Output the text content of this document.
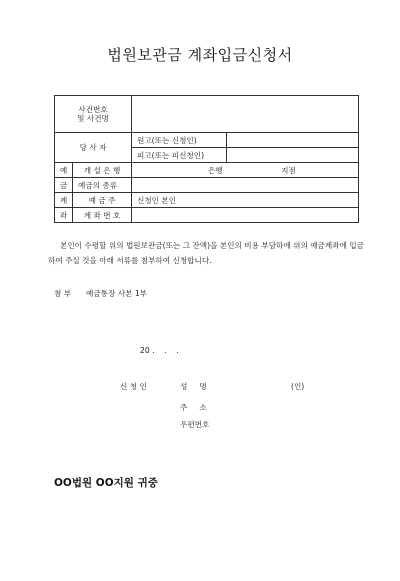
법원보관금 계좌입금신청서
사건번호
및 사건명			

당 사 자		원고(또는 신청인)	
		피고(또는 피신청인)	
예	개 설 은 행	은행 지점	
금	예금의 종류		
계	예 금 주	신청인 본인	
좌	계 좌 번 호		
본인이 수령할 위의 법원보관금(또는 그 잔액)을 본인의 비용 부담하에 위의 예금계좌에 입금하여 주실 것을 아래 서류를 첨부하여 신청합니다.
첨 부 예금통장 사본 1부
20 .    .    .
신 청 인	성     명	(인)
주     소
우편번호
OO법원 OO지원 귀중
